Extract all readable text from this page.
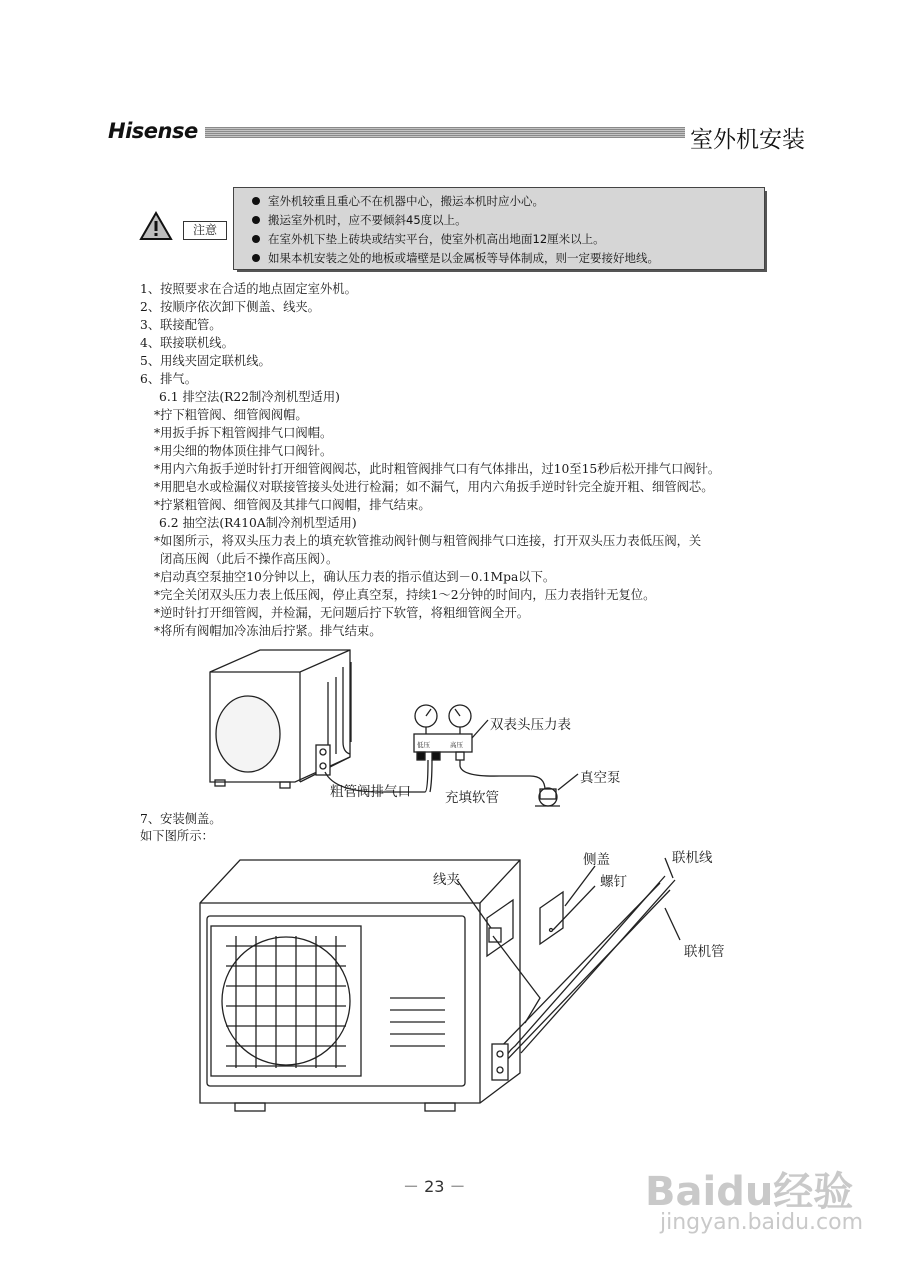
Hisense	室外机安装
注意
室外机较重且重心不在机器中心，搬运本机时应小心。
搬运室外机时，应不要倾斜45度以上。
在室外机下垫上砖块或结实平台，使室外机高出地面12厘米以上。
如果本机安装之处的地板或墙壁是以金属板等导体制成，则一定要接好地线。
1、按照要求在合适的地点固定室外机。
2、按顺序依次卸下侧盖、线夹。
3、联接配管。
4、联接联机线。
5、用线夹固定联机线。
6、排气。
6.1 排空法(R22制冷剂机型适用)
*拧下粗管阀、细管阀阀帽。
*用扳手拆下粗管阀排气口阀帽。
*用尖细的物体顶住排气口阀针。
*用内六角扳手逆时针打开细管阀阀芯，此时粗管阀排气口有气体排出，过10至15秒后松开排气口阀针。
*用肥皂水或检漏仪对联接管接头处进行检漏；如不漏气，用内六角扳手逆时针完全旋开粗、细管阀芯。
*拧紧粗管阀、细管阀及其排气口阀帽，排气结束。
6.2 抽空法(R410A制冷剂机型适用)
*如图所示，将双头压力表上的填充软管推动阀针侧与粗管阀排气口连接，打开双头压力表低压阀，关
闭高压阀（此后不操作高压阀）。
*启动真空泵抽空10分钟以上，确认压力表的指示值达到－0.1Mpa以下。
*完全关闭双头压力表上低压阀，停止真空泵，持续1～2分钟的时间内，压力表指针无复位。
*逆时针打开细管阀，并检漏，无问题后拧下软管，将粗细管阀全开。
*将所有阀帽加冷冻油后拧紧。排气结束。
低压	高压
双表头压力表
真空泵
粗管阀排气口	充填软管
7、安装侧盖。
如下图所示：
侧盖	联机线
线夹	螺钉
联机管
－ 23 －	Baidu经验
jingyan.baidu.com
